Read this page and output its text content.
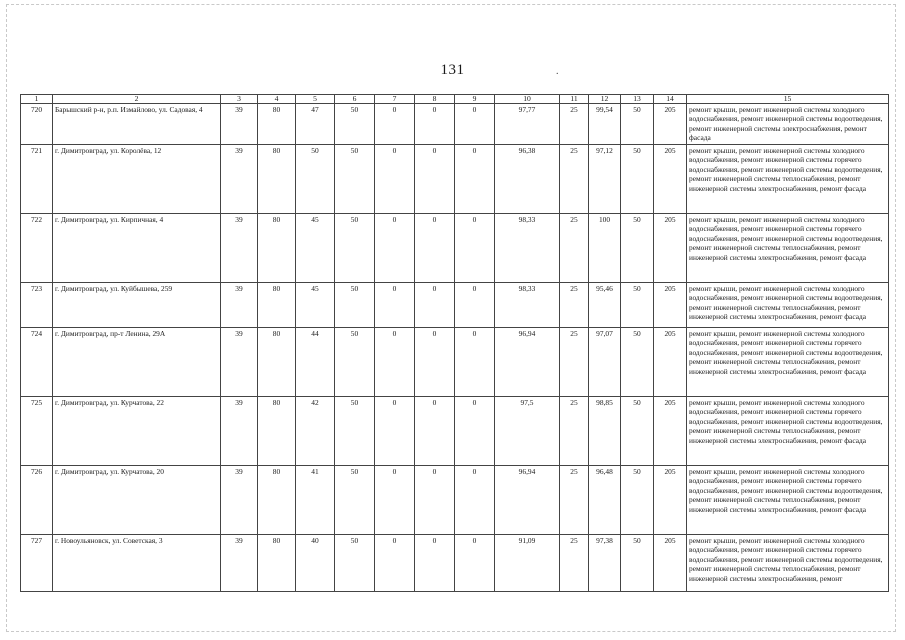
131	.
1	2	3	4	5	6	7	8	9	10	11	12	13	14	15
720	Барышский р-н, р.п. Измайлово, ул. Садовая, 4	39	80	47	50	0	0	0	97,77	25	99,54	50	205	ремонт крыши, ремонт инженерной системы холодного водоснабжения, ремонт инженерной системы водоотведения, ремонт инженерной системы электроснабжения, ремонт фасада
721	г. Димитровград, ул. Королёва, 12	39	80	50	50	0	0	0	96,38	25	97,12	50	205	ремонт крыши, ремонт инженерной системы холодного водоснабжения, ремонт инженерной системы горячего водоснабжения, ремонт инженерной системы водоотведения, ремонт инженерной системы теплоснабжения, ремонт инженерной системы электроснабжения, ремонт фасада
722	г. Димитровград, ул. Кирпичная, 4	39	80	45	50	0	0	0	98,33	25	100	50	205	ремонт крыши, ремонт инженерной системы холодного водоснабжения, ремонт инженерной системы горячего водоснабжения, ремонт инженерной системы водоотведения, ремонт инженерной системы теплоснабжения, ремонт инженерной системы электроснабжения, ремонт фасада
723	г. Димитровград, ул. Куйбышева, 259	39	80	45	50	0	0	0	98,33	25	95,46	50	205	ремонт крыши, ремонт инженерной системы холодного водоснабжения, ремонт инженерной системы водоотведения, ремонт инженерной системы теплоснабжения, ремонт инженерной системы электроснабжения, ремонт фасада
724	г. Димитровград, пр-т Ленина, 29А	39	80	44	50	0	0	0	96,94	25	97,07	50	205	ремонт крыши, ремонт инженерной системы холодного водоснабжения, ремонт инженерной системы горячего водоснабжения, ремонт инженерной системы водоотведения, ремонт инженерной системы теплоснабжения, ремонт инженерной системы электроснабжения, ремонт фасада
725	г. Димитровград, ул. Курчатова, 22	39	80	42	50	0	0	0	97,5	25	98,85	50	205	ремонт крыши, ремонт инженерной системы холодного водоснабжения, ремонт инженерной системы горячего водоснабжения, ремонт инженерной системы водоотведения, ремонт инженерной системы теплоснабжения, ремонт инженерной системы электроснабжения, ремонт фасада
726	г. Димитровград, ул. Курчатова, 20	39	80	41	50	0	0	0	96,94	25	96,48	50	205	ремонт крыши, ремонт инженерной системы холодного водоснабжения, ремонт инженерной системы горячего водоснабжения, ремонт инженерной системы водоотведения, ремонт инженерной системы теплоснабжения, ремонт инженерной системы электроснабжения, ремонт фасада
727	г. Новоульяновск, ул. Советская, 3	39	80	40	50	0	0	0	91,09	25	97,38	50	205	ремонт крыши, ремонт инженерной системы холодного водоснабжения, ремонт инженерной системы горячего водоснабжения, ремонт инженерной системы водоотведения, ремонт инженерной системы теплоснабжения, ремонт инженерной системы электроснабжения, ремонт
